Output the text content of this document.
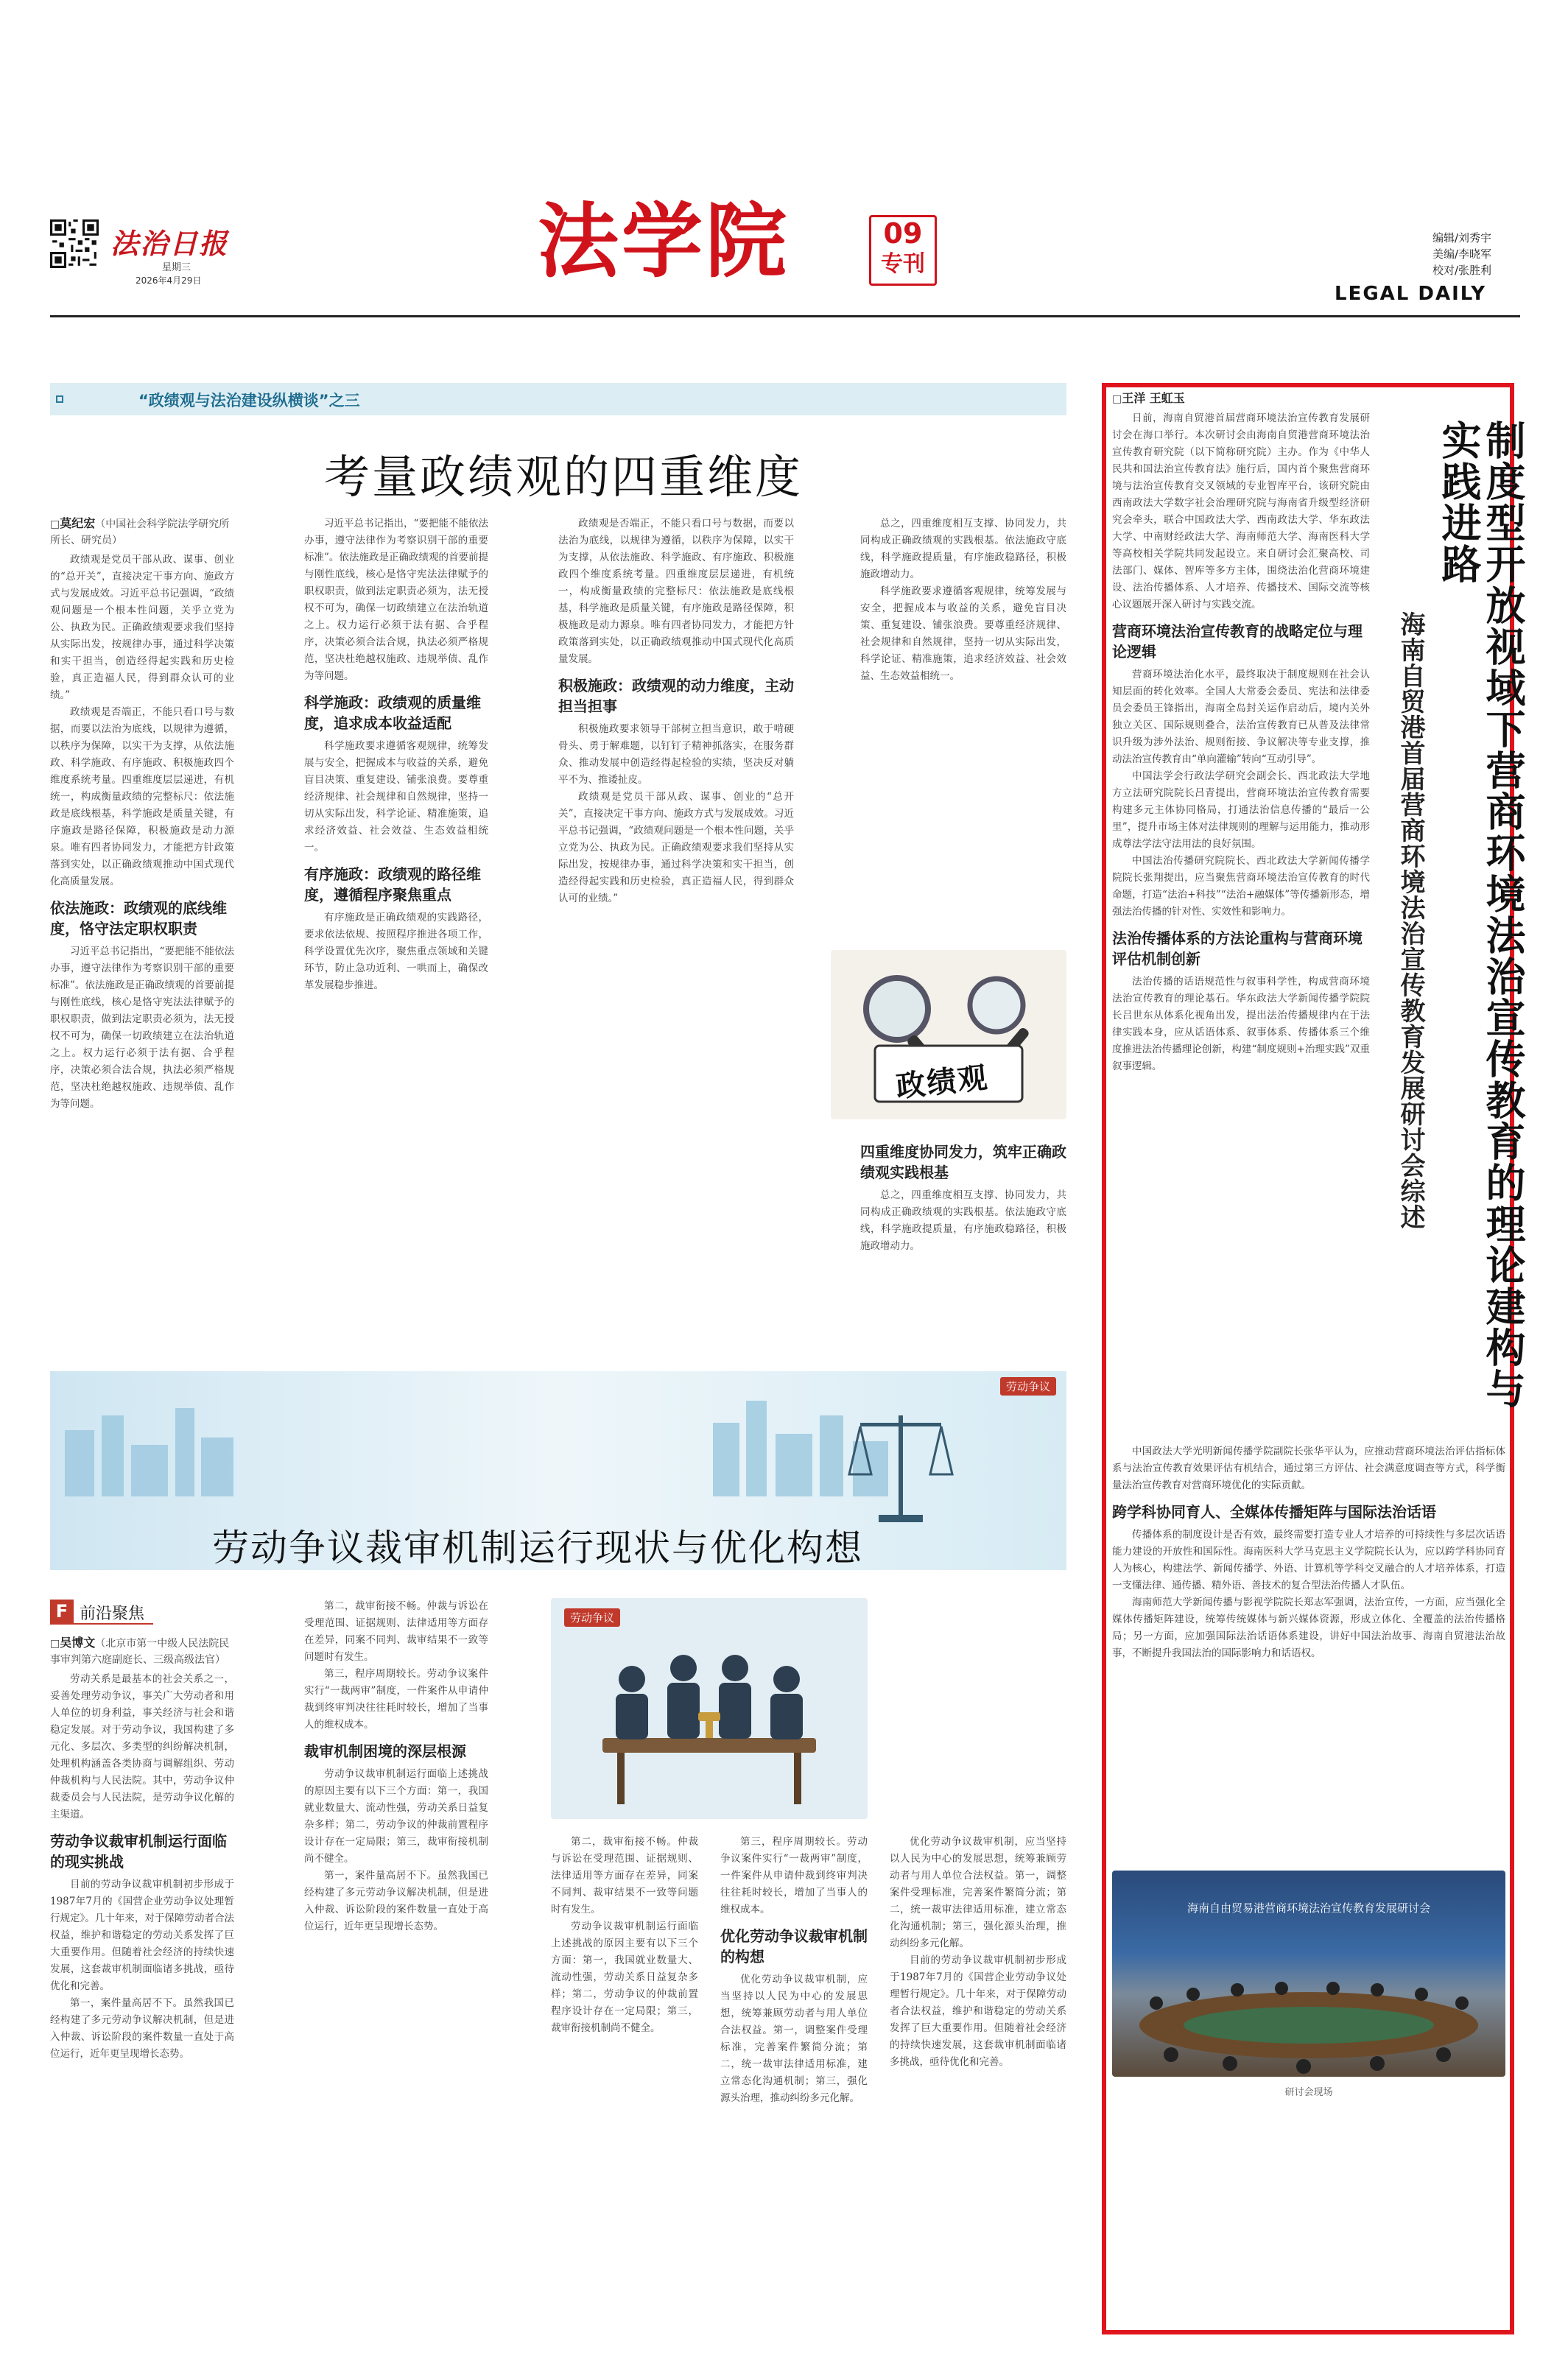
法治日报
星期三
2026年4月29日	法学院	09
专刊
编辑/刘秀宇
美编/李晓军
校对/张胜利
LEGAL DAILY
“政绩观与法治建设纵横谈”之三
考量政绩观的四重维度
□莫纪宏（中国社会科学院法学研究所所长、研究员）

政绩观是党员干部从政、谋事、创业的“总开关”，直接决定干事方向、施政方式与发展成效。习近平总书记强调，“政绩观问题是一个根本性问题，关乎立党为公、执政为民。正确政绩观要求我们坚持从实际出发，按规律办事，通过科学决策和实干担当，创造经得起实践和历史检验，真正造福人民，得到群众认可的业绩。”

政绩观是否端正，不能只看口号与数据，而要以法治为底线，以规律为遵循，以秩序为保障，以实干为支撑，从依法施政、科学施政、有序施政、积极施政四个维度系统考量。四重维度层层递进，有机统一，构成衡量政绩的完整标尺：依法施政是底线根基，科学施政是质量关键，有序施政是路径保障，积极施政是动力源泉。唯有四者协同发力，才能把方针政策落到实处，以正确政绩观推动中国式现代化高质量发展。

依法施政：政绩观的底线维度，恪守法定职权职责

习近平总书记指出，“要把能不能依法办事，遵守法律作为考察识别干部的重要标准”。依法施政是正确政绩观的首要前提与刚性底线，核心是恪守宪法法律赋予的职权职责，做到法定职责必须为，法无授权不可为，确保一切政绩建立在法治轨道之上。权力运行必须于法有据、合乎程序，决策必须合法合规，执法必须严格规范，坚决杜绝越权施政、违规举债、乱作为等问题。

习近平总书记指出，“要把能不能依法办事，遵守法律作为考察识别干部的重要标准”。依法施政是正确政绩观的首要前提与刚性底线，核心是恪守宪法法律赋予的职权职责，做到法定职责必须为，法无授权不可为，确保一切政绩建立在法治轨道之上。权力运行必须于法有据、合乎程序，决策必须合法合规，执法必须严格规范，坚决杜绝越权施政、违规举债、乱作为等问题。

科学施政：政绩观的质量维度，追求成本收益适配

科学施政要求遵循客观规律，统筹发展与安全，把握成本与收益的关系，避免盲目决策、重复建设、铺张浪费。要尊重经济规律、社会规律和自然规律，坚持一切从实际出发，科学论证、精准施策，追求经济效益、社会效益、生态效益相统一。

有序施政：政绩观的路径维度，遵循程序聚焦重点

有序施政是正确政绩观的实践路径，要求依法依规、按照程序推进各项工作，科学设置优先次序，聚焦重点领域和关键环节，防止急功近利、一哄而上，确保改革发展稳步推进。

政绩观是否端正，不能只看口号与数据，而要以法治为底线，以规律为遵循，以秩序为保障，以实干为支撑，从依法施政、科学施政、有序施政、积极施政四个维度系统考量。四重维度层层递进，有机统一，构成衡量政绩的完整标尺：依法施政是底线根基，科学施政是质量关键，有序施政是路径保障，积极施政是动力源泉。唯有四者协同发力，才能把方针政策落到实处，以正确政绩观推动中国式现代化高质量发展。

积极施政：政绩观的动力维度，主动担当担事

积极施政要求领导干部树立担当意识，敢于啃硬骨头、勇于解难题，以钉钉子精神抓落实，在服务群众、推动发展中创造经得起检验的实绩，坚决反对躺平不为、推诿扯皮。

政绩观是党员干部从政、谋事、创业的“总开关”，直接决定干事方向、施政方式与发展成效。习近平总书记强调，“政绩观问题是一个根本性问题，关乎立党为公、执政为民。正确政绩观要求我们坚持从实际出发，按规律办事，通过科学决策和实干担当，创造经得起实践和历史检验，真正造福人民，得到群众认可的业绩。”

总之，四重维度相互支撑、协同发力，共同构成正确政绩观的实践根基。依法施政守底线，科学施政提质量，有序施政稳路径，积极施政增动力。

科学施政要求遵循客观规律，统筹发展与安全，把握成本与收益的关系，避免盲目决策、重复建设、铺张浪费。要尊重经济规律、社会规律和自然规律，坚持一切从实际出发，科学论证、精准施策，追求经济效益、社会效益、生态效益相统一。

政绩观
四重维度协同发力，筑牢正确政绩观实践根基

总之，四重维度相互支撑、协同发力，共同构成正确政绩观的实践根基。依法施政守底线，科学施政提质量，有序施政稳路径，积极施政增动力。

劳动争议
劳动争议裁审机制运行现状与优化构想
F 前沿聚焦
□吴博文（北京市第一中级人民法院民事审判第六庭副庭长、三级高级法官）

劳动关系是最基本的社会关系之一，妥善处理劳动争议，事关广大劳动者和用人单位的切身利益，事关经济与社会和谐稳定发展。对于劳动争议，我国构建了多元化、多层次、多类型的纠纷解决机制，处理机构涵盖各类协商与调解组织、劳动仲裁机构与人民法院。其中，劳动争议仲裁委员会与人民法院，是劳动争议化解的主渠道。

劳动争议裁审机制运行面临的现实挑战

目前的劳动争议裁审机制初步形成于1987年7月的《国营企业劳动争议处理暂行规定》。几十年来，对于保障劳动者合法权益，维护和谐稳定的劳动关系发挥了巨大重要作用。但随着社会经济的持续快速发展，这套裁审机制面临诸多挑战，亟待优化和完善。

第一，案件量高居不下。虽然我国已经构建了多元劳动争议解决机制，但是进入仲裁、诉讼阶段的案件数量一直处于高位运行，近年更呈现增长态势。

第二，裁审衔接不畅。仲裁与诉讼在受理范围、证据规则、法律适用等方面存在差异，同案不同判、裁审结果不一致等问题时有发生。

第三，程序周期较长。劳动争议案件实行“一裁两审”制度，一件案件从申请仲裁到终审判决往往耗时较长，增加了当事人的维权成本。

裁审机制困境的深层根源

劳动争议裁审机制运行面临上述挑战的原因主要有以下三个方面：第一，我国就业数量大、流动性强，劳动关系日益复杂多样；第二，劳动争议的仲裁前置程序设计存在一定局限；第三，裁审衔接机制尚不健全。

第一，案件量高居不下。虽然我国已经构建了多元劳动争议解决机制，但是进入仲裁、诉讼阶段的案件数量一直处于高位运行，近年更呈现增长态势。

劳动争议

第二，裁审衔接不畅。仲裁与诉讼在受理范围、证据规则、法律适用等方面存在差异，同案不同判、裁审结果不一致等问题时有发生。

劳动争议裁审机制运行面临上述挑战的原因主要有以下三个方面：第一，我国就业数量大、流动性强，劳动关系日益复杂多样；第二，劳动争议的仲裁前置程序设计存在一定局限；第三，裁审衔接机制尚不健全。

第三，程序周期较长。劳动争议案件实行“一裁两审”制度，一件案件从申请仲裁到终审判决往往耗时较长，增加了当事人的维权成本。

优化劳动争议裁审机制的构想

优化劳动争议裁审机制，应当坚持以人民为中心的发展思想，统筹兼顾劳动者与用人单位合法权益。第一，调整案件受理标准，完善案件繁简分流；第二，统一裁审法律适用标准，建立常态化沟通机制；第三，强化源头治理，推动纠纷多元化解。

优化劳动争议裁审机制，应当坚持以人民为中心的发展思想，统筹兼顾劳动者与用人单位合法权益。第一，调整案件受理标准，完善案件繁简分流；第二，统一裁审法律适用标准，建立常态化沟通机制；第三，强化源头治理，推动纠纷多元化解。

目前的劳动争议裁审机制初步形成于1987年7月的《国营企业劳动争议处理暂行规定》。几十年来，对于保障劳动者合法权益，维护和谐稳定的劳动关系发挥了巨大重要作用。但随着社会经济的持续快速发展，这套裁审机制面临诸多挑战，亟待优化和完善。

制度型开放视域下营商环境法治宣传教育的理论建构与实践进路
海南自贸港首届营商环境法治宣传教育发展研讨会综述
□王洋 王虹玉

日前，海南自贸港首届营商环境法治宣传教育发展研讨会在海口举行。本次研讨会由海南自贸港营商环境法治宣传教育研究院（以下简称研究院）主办。作为《中华人民共和国法治宣传教育法》施行后，国内首个聚焦营商环境与法治宣传教育交叉领域的专业智库平台，该研究院由西南政法大学数字社会治理研究院与海南省升级型经济研究会牵头，联合中国政法大学、西南政法大学、华东政法大学、中南财经政法大学、海南师范大学、海南医科大学等高校相关学院共同发起设立。来自研讨会汇聚高校、司法部门、媒体、智库等多方主体，围绕法治化营商环境建设、法治传播体系、人才培养、传播技术、国际交流等核心议题展开深入研讨与实践交流。

营商环境法治宣传教育的战略定位与理论逻辑

营商环境法治化水平，最终取决于制度规则在社会认知层面的转化效率。全国人大常委会委员、宪法和法律委员会委员王锋指出，海南全岛封关运作启动后，境内关外独立关区、国际规则叠合，法治宣传教育已从普及法律常识升级为涉外法治、规则衔接、争议解决等专业支撑，推动法治宣传教育由“单向灌输”转向“互动引导”。

中国法学会行政法学研究会副会长、西北政法大学地方立法研究院院长吕青提出，营商环境法治宣传教育需要构建多元主体协同格局，打通法治信息传播的“最后一公里”，提升市场主体对法律规则的理解与运用能力，推动形成尊法学法守法用法的良好氛围。

中国法治传播研究院院长、西北政法大学新闻传播学院院长张翔提出，应当聚焦营商环境法治宣传教育的时代命题，打造“法治+科技”“法治+融媒体”等传播新形态，增强法治传播的针对性、实效性和影响力。

法治传播体系的方法论重构与营商环境评估机制创新

法治传播的话语规范性与叙事科学性，构成营商环境法治宣传教育的理论基石。华东政法大学新闻传播学院院长吕世东从体系化视角出发，提出法治传播规律内在于法律实践本身，应从话语体系、叙事体系、传播体系三个维度推进法治传播理论创新，构建“制度规则+治理实践”双重叙事逻辑。

中国政法大学光明新闻传播学院副院长张华平认为，应推动营商环境法治评估指标体系与法治宣传教育效果评估有机结合，通过第三方评估、社会满意度调查等方式，科学衡量法治宣传教育对营商环境优化的实际贡献。

跨学科协同育人、全媒体传播矩阵与国际法治话语

传播体系的制度设计是否有效，最终需要打造专业人才培养的可持续性与多层次话语能力建设的开放性和国际性。海南医科大学马克思主义学院院长认为，应以跨学科协同育人为核心，构建法学、新闻传播学、外语、计算机等学科交叉融合的人才培养体系，打造一支懂法律、通传播、精外语、善技术的复合型法治传播人才队伍。

海南师范大学新闻传播与影视学院院长郑志军强调，法治宣传，一方面，应当强化全媒体传播矩阵建设，统筹传统媒体与新兴媒体资源，形成立体化、全覆盖的法治传播格局；另一方面，应加强国际法治话语体系建设，讲好中国法治故事、海南自贸港法治故事，不断提升我国法治的国际影响力和话语权。

海南自由贸易港营商环境法治宣传教育发展研讨会
研讨会现场
